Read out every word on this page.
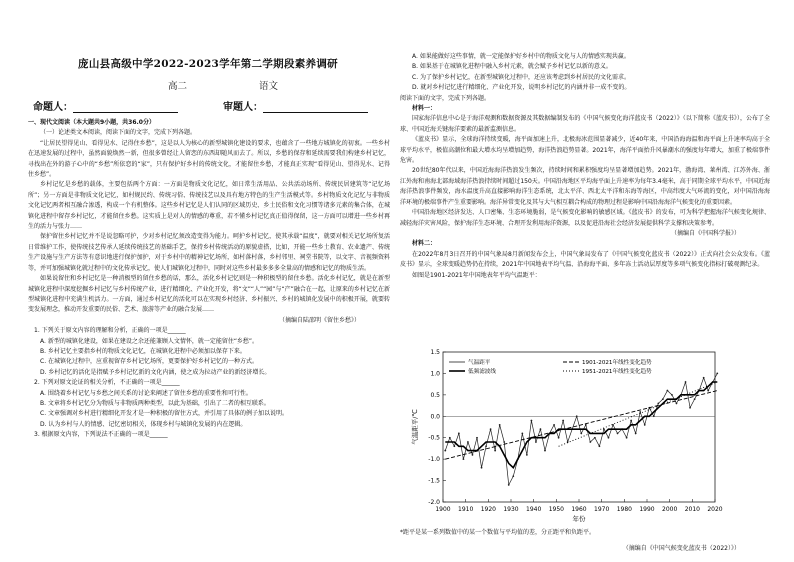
庞山县高级中学2022-2023学年第二学期段素养调研
高二	语文
命题人：	审题人：

一、现代文阅读（本大题共9小题，共36.0分）

（一）论述类文本阅读，阅读下面的文字，完成下列各题。

“让居民望得见山、看得见水、记得住乡愁”，这是以人为核心的新型城镇化建设的要求，也蕴含了一些地方城镇化的初衷。一些乡村在迅速发展的过程中，虽然面貌焕然一新，但很多曾经让人留恋的东西却随风而去了。所以，乡愁的保存和延续需要我们构建乡村记忆，寻找出在外的游子心中的“乡愁”所依恋的“家”，只有保护好乡村的传统文化，才能留住乡愁，才能真正实现“看得见山、望得见水、记得住乡愁”。

乡村记忆是乡愁的载体，主要包括两个方面：一方面是物质文化记忆，如日常生活用品、公共活动场所、传统民居建筑等“记忆场所”；另一方面是非物质文化记忆，如村规民约、传统习俗、传统技艺以及具有地方特色的生产生活模式等。乡村物质文化记忆与非物质文化记忆两者相互融合渗透，构成一个有机整体。这些乡村记忆是人们认同的区域历史、乡土民俗和文化习惯等诸多元素的集合体，在城镇化进程中留存乡村记忆，才能留住乡愁。这实质上是对人的情感的尊重，若不懂乡村记忆真正值得保留，这一方面可以增进一些乡村再生的活力与张力……

保护留住乡村记忆并不是说忽略可护，少对乡村记忆须改造变得为能力。呵护乡村记忆，使其承载“温度”，就要对相关记忆场所复活日常维护工作，使传统技艺传承人延续传统技艺的基础手艺，保持乡村传统活动的原貌虚搭，比如，开能一些乡土教育、农业遗产、传统生产设施与生产方法等有意识地进行保护加护，对于乡村中的精神记忆场所，如村落村落，乡村邻里、祠堂书院等，以文字、音视频资料等，并可加强城镇化就过程中的文化传承记忆，使人们城镇化过程中，同时对这些乡村最多多多全量高的情感和记忆的物质生活。

如果说留住和乡村记忆是一种消极型的留住乡愁的话，那么，活化乡村记忆则是一种积极型的留住乡愁。活化乡村记忆，就是在新型城镇化进程中深度挖掘乡村记忆与乡村传统产业，进行精细化、产业化开发，将“文”“人”“园”与“产”融合在一起，让原来的乡村记忆在新型城镇化进程中充满生机活力。一方面，通过乡村记忆的活化可以在实现乡村经济、乡村振兴、乡村的城镇化发展中的积极开展，就要转变发展理念，推动开发重要的民俗、艺术、旅游等产业的融合发展……

（摘编自陆邵明《留住乡愁》）

1. 下列关于原文内容的理解和分析，正确的一项是______

A. 新型的城镇化建设，如果在建设之余还能兼顾人文情怀，就一定能留住“乡愁”。

B. 乡村记忆主要指乡村的物质文化记忆，在城镇化进程中必须加以保存下来。

C. 在城镇化过程中，应重视留存乡村记忆场所，更要保护好乡村记忆的一种方式。

D. 乡村记忆的活化是指赋予乡村记忆新的文化内涵，使之成为拉动产业的新经济增长。

2. 下列对原文论证的相关分析，不正确的一项是______

A. 围绕着乡村记忆与乡愁之间关系的讨论来阐述了留住乡愁的重要性和可行性。

B. 文章将乡村记忆分为物质与非物质两种类型，以此为基础，引出了二者的相互联系。

C. 文章强调对乡村进行精细化开发才是一种积极的留住方式，并引用了具体的例子加以说明。

D. 认为乡村与人的情感、记忆密切相关，体现乡村与城镇化发展的内在逻辑。

3. 根据原文内容，下列说法不正确的一项是______

A. 如果能做好这些事情，就一定能保护好乡村中的物质文化与人的情感实现共赢。

B. 如果基于在城镇化进程中融入乡村元素，就会赋予乡村记忆以新的意义。

C. 为了保护乡村记忆，在新型城镇化过程中，还应该考虑到乡村居民的文化需求。

D. 就对乡村记忆进行精细化、产业化开发，说明乡村记忆的内涵并非一成不变的。

阅读下面的文字，完成下列各题。

材料一：

国家海洋信息中心是于海洋观测和数据资源及其数据编制发布的《中国气候变化海洋蓝皮书（2022）》（以下简称《蓝皮书》），公布了全球、中国近海关键海洋要素的最新监测信息。

《蓝皮书》显示，全球海洋持续变暖，海平面加速上升，北极海冰范围显著减少，近40年来，中国沿海海温和海平面上升速率均高于全球平均水平，极值高潮位和最大增水均呈增加趋势，海洋热浪趋势显著。2021年，海洋平面抬升风暴潮水的强度每年增大，加重了极端事件危害。

20世纪80年代以来，中国近海海洋热浪发生频次，持续时间和累积强度均呈显著增加趋势。2021年，渤海湾、莱州湾、江苏外海、浙江外海和南海北部海域海洋热浪持续时间超过150天。中国沿海地区平均海平面上升速率为每年3.4毫米，高于同期全球平均水平，中国近海海洋热浪事件频发，海水温度升高直接影响海洋生态系统，北太平洋、西北太平洋和东海等海区，中高纬度大气环流的变化，对中国沿海海洋环境的极端事件产生重要影响。海洋异常变化及其与大气相互耦合构成的物理过程是影响中国沿海海洋气候变化的重要因素。

中国沿海地区经济发达、人口密集、生态环境脆弱，是气候变化影响的敏感区域。《蓝皮书》的发布，可为科学把握海洋气候变化规律、减轻海洋灾害风险，保护海洋生态环境、合理开发利用海洋资源，以及促进沿海社会经济发展提供科学支撑和决策参考。

（摘编自《中国科学报》）

材料二：

在2022年8月3日召开的中国气象局8月新闻发布会上，中国气象局发布了《中国气候变化蓝皮书（2022）》正式向社会公众发布。《蓝皮书》显示，全球变暖趋势仍在持续，2021年中国地表平均气温、沿海海平面、多年冻土活动层厚度等多项气候变化指标打破观测纪录。

如图是1901-2021年中国地表年平均气温距平：

1900 1910 1920 1930 1940 1950 1960 1970 1980 1990 2000 2010 2020
-2.0
-1.5
-1.0
-0.5
0.0
0.5
1.0
1.5
年份
气温距平/℃
气温距平
低频滤波线
1901-2021年线性变化趋势
1951-2021年线性变化趋势

*距平是某一系列数值中的某一个数值与平均值的差，分正距平和负距平。

（摘编自《中国气候变化蓝皮书（2022）》）
